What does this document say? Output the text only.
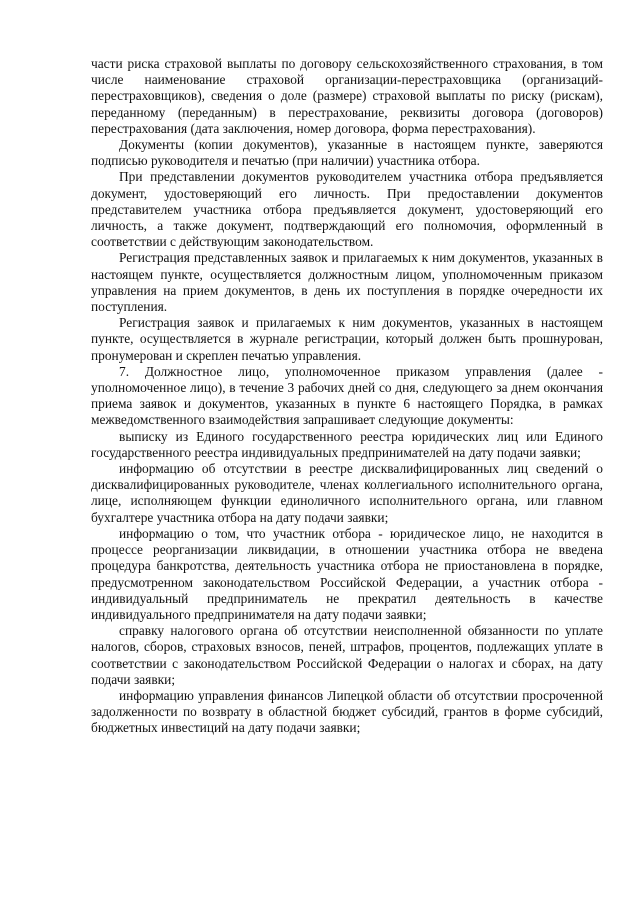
части риска страховой выплаты по договору сельскохозяйственного страхования, в том числе наименование страховой организации-перестраховщика (организаций-перестраховщиков), сведения о доле (размере) страховой выплаты по риску (рискам), переданному (переданным) в перестрахование, реквизиты договора (договоров) перестрахования (дата заключения, номер договора, форма перестрахования).

Документы (копии документов), указанные в настоящем пункте, заверяются подписью руководителя и печатью (при наличии) участника отбора.

При представлении документов руководителем участника отбора предъявляется документ, удостоверяющий его личность. При предоставлении документов представителем участника отбора предъявляется документ, удостоверяющий его личность, а также документ, подтверждающий его полномочия, оформленный в соответствии с действующим законодательством.

Регистрация представленных заявок и прилагаемых к ним документов, указанных в настоящем пункте, осуществляется должностным лицом, уполномоченным приказом управления на прием документов, в день их поступления в порядке очередности их поступления.

Регистрация заявок и прилагаемых к ним документов, указанных в настоящем пункте, осуществляется в журнале регистрации, который должен быть прошнурован, пронумерован и скреплен печатью управления.

7. Должностное лицо, уполномоченное приказом управления (далее - уполномоченное лицо), в течение 3 рабочих дней со дня, следующего за днем окончания приема заявок и документов, указанных в пункте 6 настоящего Порядка, в рамках межведомственного взаимодействия запрашивает следующие документы:

выписку из Единого государственного реестра юридических лиц или Единого государственного реестра индивидуальных предпринимателей на дату подачи заявки;

информацию об отсутствии в реестре дисквалифицированных лиц сведений о дисквалифицированных руководителе, членах коллегиального исполнительного органа, лице, исполняющем функции единоличного исполнительного органа, или главном бухгалтере участника отбора на дату подачи заявки;

информацию о том, что участник отбора - юридическое лицо, не находится в процессе реорганизации ликвидации, в отношении участника отбора не введена процедура банкротства, деятельность участника отбора не приостановлена в порядке, предусмотренном законодательством Российской Федерации, а участник отбора - индивидуальный предприниматель не прекратил деятельность в качестве индивидуального предпринимателя на дату подачи заявки;

справку налогового органа об отсутствии неисполненной обязанности по уплате налогов, сборов, страховых взносов, пеней, штрафов, процентов, подлежащих уплате в соответствии с законодательством Российской Федерации о налогах и сборах, на дату подачи заявки;

информацию управления финансов Липецкой области об отсутствии просроченной задолженности по возврату в областной бюджет субсидий, грантов в форме субсидий, бюджетных инвестиций на дату подачи заявки;
